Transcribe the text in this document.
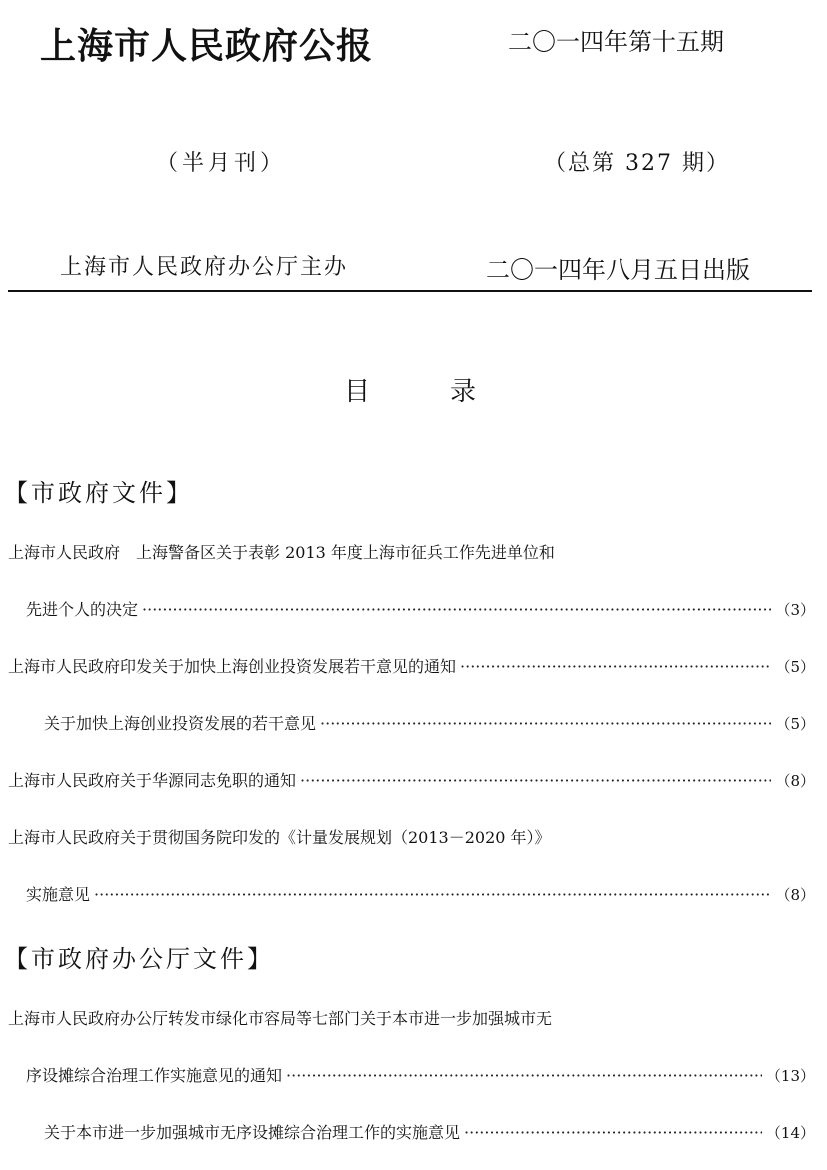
上海市人民政府公报	二〇一四年第十五期
（半月刊）	（总第 327 期）
上海市人民政府办公厅主办	二〇一四年八月五日出版
目	录
【市政府文件】
上海市人民政府　上海警备区关于表彰 2013 年度上海市征兵工作先进单位和
先进个人的决定 ·····	（3）
上海市人民政府印发关于加快上海创业投资发展若干意见的通知 ·····	（5）
关于加快上海创业投资发展的若干意见 ·····	（5）
上海市人民政府关于华源同志免职的通知 ·····	（8）
上海市人民政府关于贯彻国务院印发的《计量发展规划（2013－2020 年）》
实施意见 ·····	（8）
【市政府办公厅文件】
上海市人民政府办公厅转发市绿化市容局等七部门关于本市进一步加强城市无
序设摊综合治理工作实施意见的通知 ·····	（13）
关于本市进一步加强城市无序设摊综合治理工作的实施意见 ·····	（14）
